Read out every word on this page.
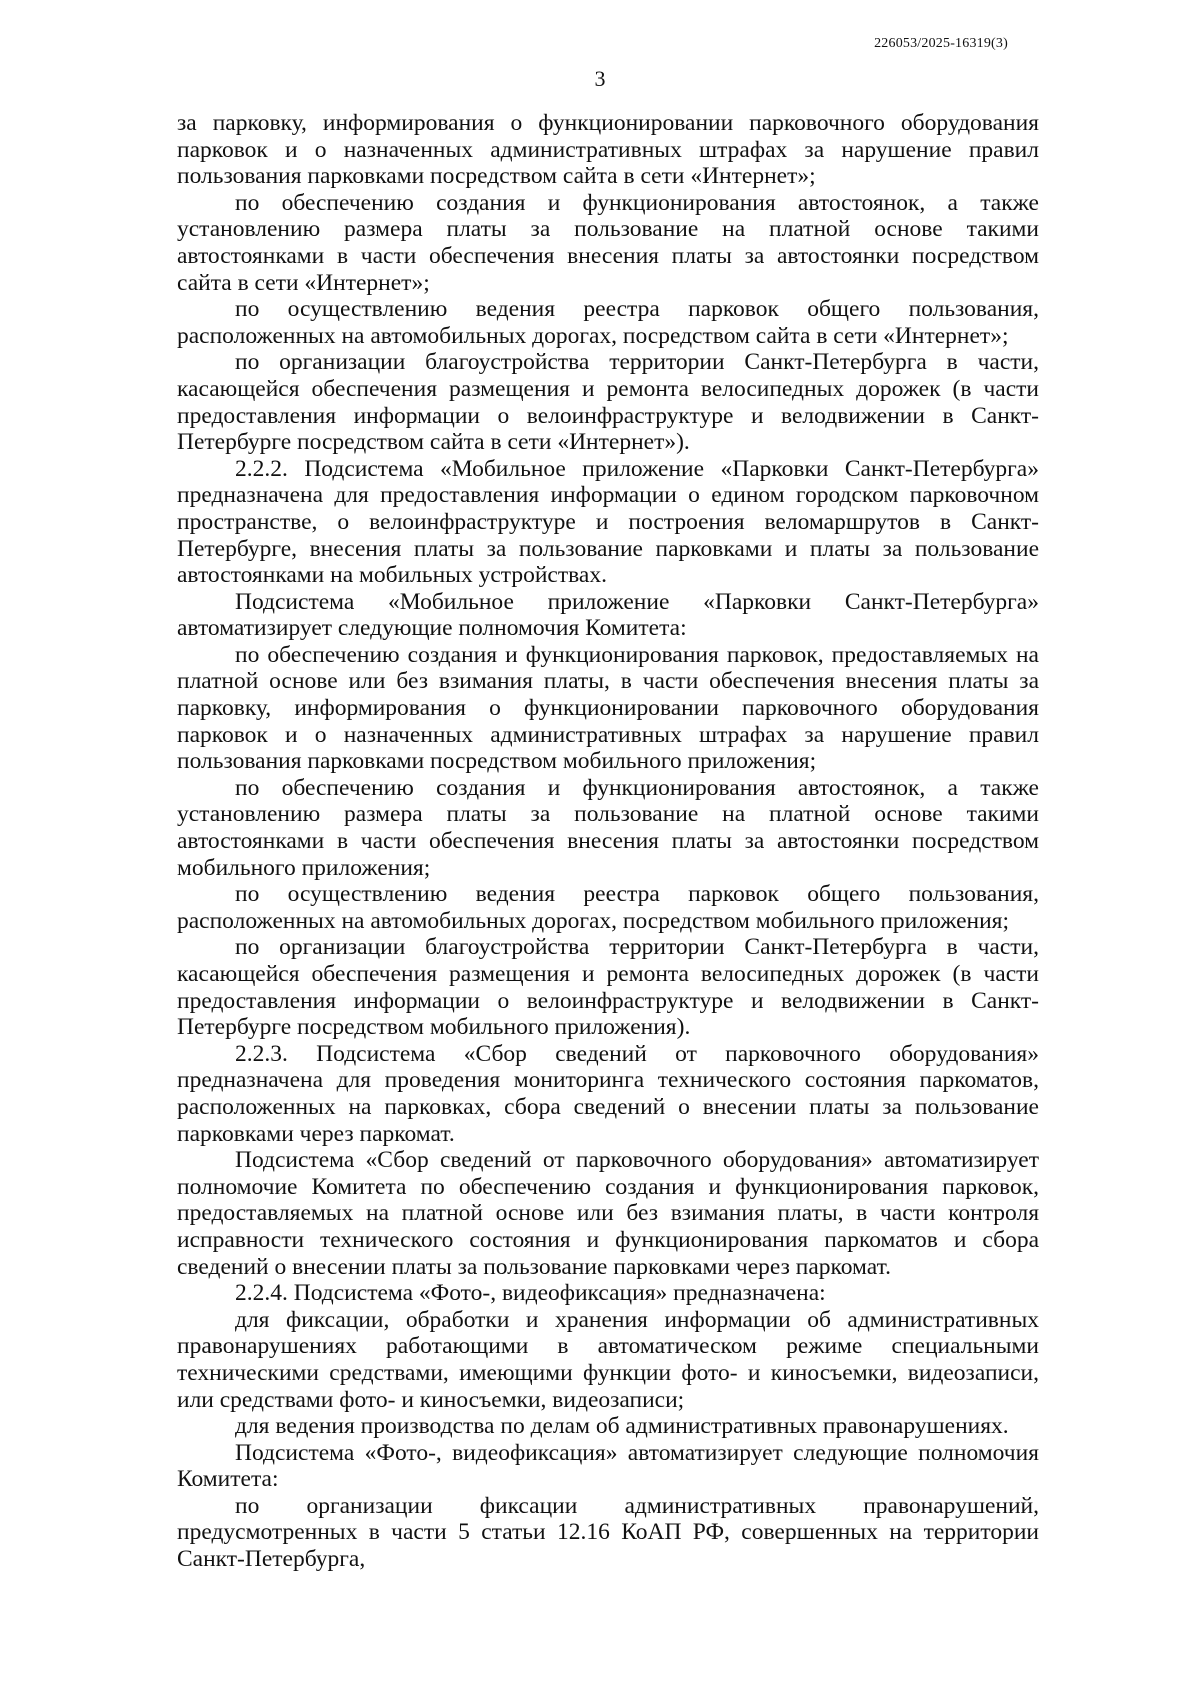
226053/2025-16319(3)
3

за парковку, информирования о функционировании парковочного оборудования парковок и о назначенных административных штрафах за нарушение правил пользования парковками посредством сайта в сети «Интернет»;

по обеспечению создания и функционирования автостоянок, а также установлению размера платы за пользование на платной основе такими автостоянками в части обеспечения внесения платы за автостоянки посредством сайта в сети «Интернет»;

по осуществлению ведения реестра парковок общего пользования, расположенных на автомобильных дорогах, посредством сайта в сети «Интернет»;

по организации благоустройства территории Санкт-Петербурга в части, касающейся обеспечения размещения и ремонта велосипедных дорожек (в части предоставления информации о велоинфраструктуре и велодвижении в Санкт-Петербурге посредством сайта в сети «Интернет»).

2.2.2. Подсистема «Мобильное приложение «Парковки Санкт-Петербурга» предназначена для предоставления информации о едином городском парковочном пространстве, о велоинфраструктуре и построения веломаршрутов в Санкт-Петербурге, внесения платы за пользование парковками и платы за пользование автостоянками на мобильных устройствах.

Подсистема «Мобильное приложение «Парковки Санкт-Петербурга» автоматизирует следующие полномочия Комитета:

по обеспечению создания и функционирования парковок, предоставляемых на платной основе или без взимания платы, в части обеспечения внесения платы за парковку, информирования о функционировании парковочного оборудования парковок и о назначенных административных штрафах за нарушение правил пользования парковками посредством мобильного приложения;

по обеспечению создания и функционирования автостоянок, а также установлению размера платы за пользование на платной основе такими автостоянками в части обеспечения внесения платы за автостоянки посредством мобильного приложения;

по осуществлению ведения реестра парковок общего пользования, расположенных на автомобильных дорогах, посредством мобильного приложения;

по организации благоустройства территории Санкт-Петербурга в части, касающейся обеспечения размещения и ремонта велосипедных дорожек (в части предоставления информации о велоинфраструктуре и велодвижении в Санкт-Петербурге посредством мобильного приложения).

2.2.3. Подсистема «Сбор сведений от парковочного оборудования» предназначена для проведения мониторинга технического состояния паркоматов, расположенных на парковках, сбора сведений о внесении платы за пользование парковками через паркомат.

Подсистема «Сбор сведений от парковочного оборудования» автоматизирует полномочие Комитета по обеспечению создания и функционирования парковок, предоставляемых на платной основе или без взимания платы, в части контроля исправности технического состояния и функционирования паркоматов и сбора сведений о внесении платы за пользование парковками через паркомат.

2.2.4. Подсистема «Фото-, видеофиксация» предназначена:

для фиксации, обработки и хранения информации об административных правонарушениях работающими в автоматическом режиме специальными техническими средствами, имеющими функции фото- и киносъемки, видеозаписи, или средствами фото- и киносъемки, видеозаписи;

для ведения производства по делам об административных правонарушениях.

Подсистема «Фото-, видеофиксация» автоматизирует следующие полномочия Комитета:

по организации фиксации административных правонарушений, предусмотренных в части 5 статьи 12.16 КоАП РФ, совершенных на территории Санкт-Петербурга,
